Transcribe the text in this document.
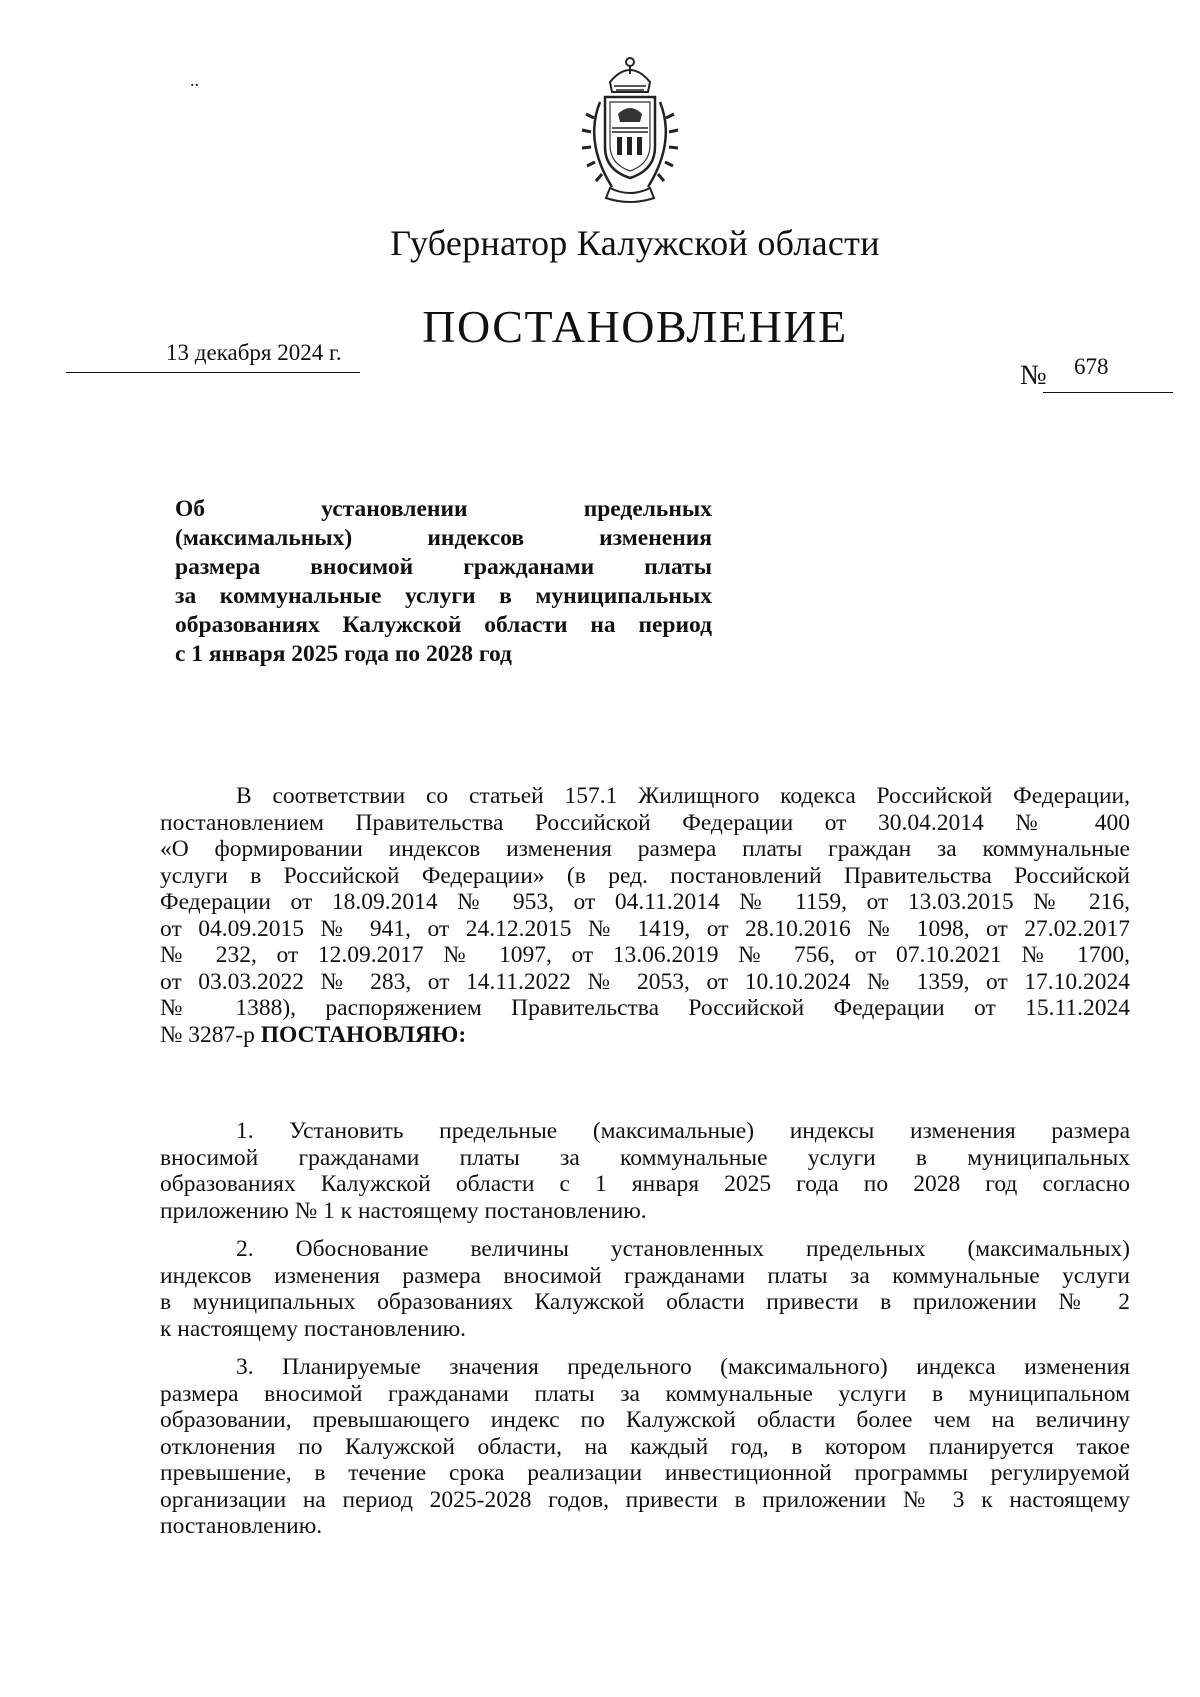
..
Губернатор Калужской области
ПОСТАНОВЛЕНИЕ
13 декабря 2024 г.
№ 678
Об установлении предельных
(максимальных) индексов изменения
размера вносимой гражданами платы
за коммунальные услуги в муниципальных
образованиях Калужской области на период
с 1 января 2025 года по 2028 год
В соответствии со статьей 157.1 Жилищного кодекса Российской Федерации,
постановлением Правительства Российской Федерации от 30.04.2014 № 400
«О формировании индексов изменения размера платы граждан за коммунальные
услуги в Российской Федерации» (в ред. постановлений Правительства Российской
Федерации от 18.09.2014 № 953, от 04.11.2014 № 1159, от 13.03.2015 № 216,
от 04.09.2015 № 941, от 24.12.2015 № 1419, от 28.10.2016 № 1098, от 27.02.2017
№ 232, от 12.09.2017 № 1097, от 13.06.2019 № 756, от 07.10.2021 № 1700,
от 03.03.2022 № 283, от 14.11.2022 № 2053, от 10.10.2024 № 1359, от 17.10.2024
№ 1388), распоряжением Правительства Российской Федерации от 15.11.2024
№ 3287-р ПОСТАНОВЛЯЮ:
1. Установить предельные (максимальные) индексы изменения размера
вносимой гражданами платы за коммунальные услуги в муниципальных
образованиях Калужской области с 1 января 2025 года по 2028 год согласно
приложению № 1 к настоящему постановлению.
2. Обоснование величины установленных предельных (максимальных)
индексов изменения размера вносимой гражданами платы за коммунальные услуги
в муниципальных образованиях Калужской области привести в приложении № 2
к настоящему постановлению.
3. Планируемые значения предельного (максимального) индекса изменения
размера вносимой гражданами платы за коммунальные услуги в муниципальном
образовании, превышающего индекс по Калужской области более чем на величину
отклонения по Калужской области, на каждый год, в котором планируется такое
превышение, в течение срока реализации инвестиционной программы регулируемой
организации на период 2025-2028 годов, привести в приложении № 3 к настоящему
постановлению.
